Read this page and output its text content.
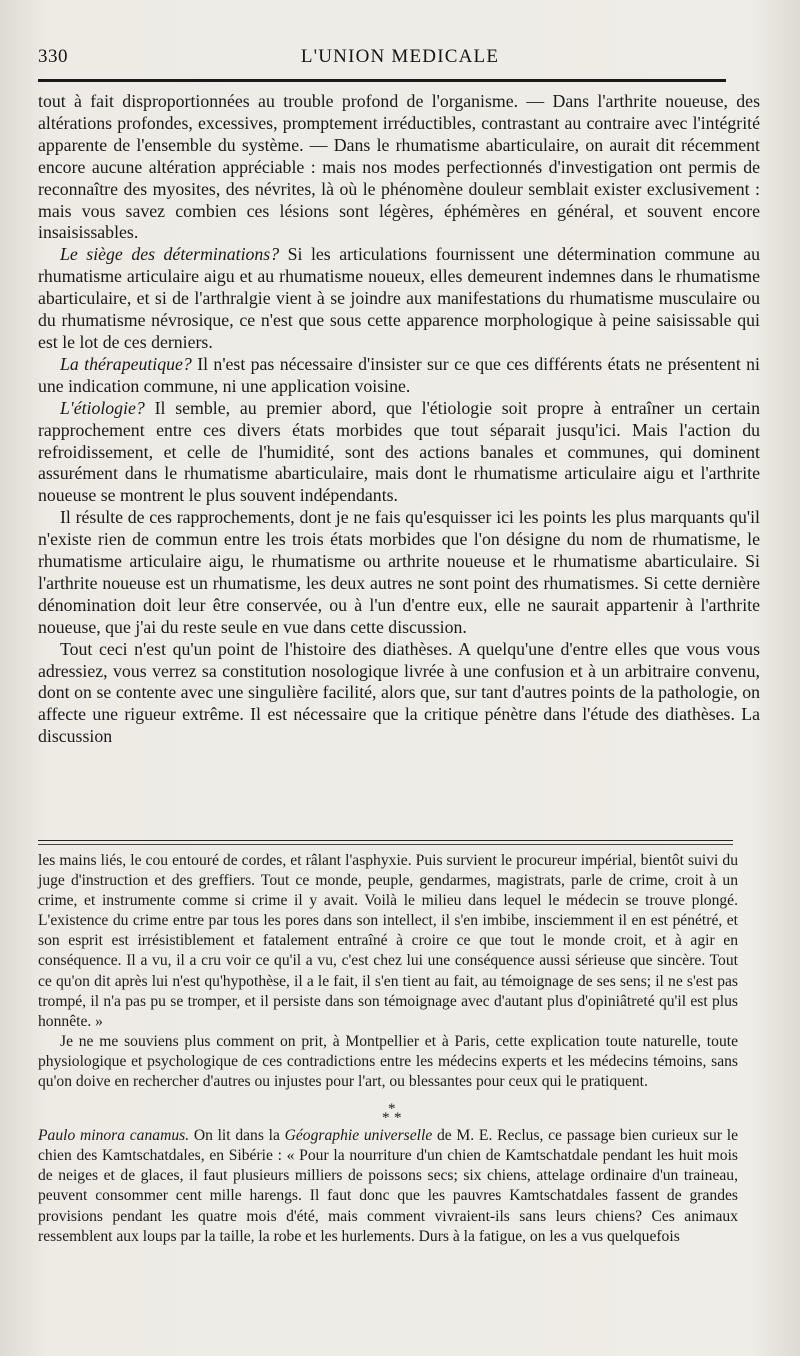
330	L'UNION MEDICALE

tout à fait disproportionnées au trouble profond de l'organisme. — Dans l'arthrite noueuse, des altérations profondes, excessives, promptement irréductibles, contrastant au contraire avec l'intégrité apparente de l'ensemble du système. — Dans le rhumatisme abarticulaire, on aurait dit récemment encore aucune altération appréciable : mais nos modes perfectionnés d'investigation ont permis de reconnaître des myosites, des névrites, là où le phénomène douleur semblait exister exclusivement : mais vous savez combien ces lésions sont légères, éphémères en général, et souvent encore insaisissables.

Le siège des déterminations? Si les articulations fournissent une détermination commune au rhumatisme articulaire aigu et au rhumatisme noueux, elles demeurent indemnes dans le rhumatisme abarticulaire, et si de l'arthralgie vient à se joindre aux manifestations du rhumatisme musculaire ou du rhumatisme névrosique, ce n'est que sous cette apparence morphologique à peine saisissable qui est le lot de ces derniers.

La thérapeutique? Il n'est pas nécessaire d'insister sur ce que ces différents états ne présentent ni une indication commune, ni une application voisine.

L'étiologie? Il semble, au premier abord, que l'étiologie soit propre à entraîner un certain rapprochement entre ces divers états morbides que tout séparait jusqu'ici. Mais l'action du refroidissement, et celle de l'humidité, sont des actions banales et communes, qui dominent assurément dans le rhumatisme abarticulaire, mais dont le rhumatisme articulaire aigu et l'arthrite noueuse se montrent le plus souvent indépendants.

Il résulte de ces rapprochements, dont je ne fais qu'esquisser ici les points les plus marquants qu'il n'existe rien de commun entre les trois états morbides que l'on désigne du nom de rhumatisme, le rhumatisme articulaire aigu, le rhumatisme ou arthrite noueuse et le rhumatisme abarticulaire. Si l'arthrite noueuse est un rhumatisme, les deux autres ne sont point des rhumatismes. Si cette dernière dénomination doit leur être conservée, ou à l'un d'entre eux, elle ne saurait appartenir à l'arthrite noueuse, que j'ai du reste seule en vue dans cette discussion.

Tout ceci n'est qu'un point de l'histoire des diathèses. A quelqu'une d'entre elles que vous vous adressiez, vous verrez sa constitution nosologique livrée à une confusion et à un arbitraire convenu, dont on se contente avec une singulière facilité, alors que, sur tant d'autres points de la pathologie, on affecte une rigueur extrême. Il est nécessaire que la critique pénètre dans l'étude des diathèses. La discussion

les mains liés, le cou entouré de cordes, et râlant l'asphyxie. Puis survient le procureur impérial, bientôt suivi du juge d'instruction et des greffiers. Tout ce monde, peuple, gendarmes, magistrats, parle de crime, croit à un crime, et instrumente comme si crime il y avait. Voilà le milieu dans lequel le médecin se trouve plongé. L'existence du crime entre par tous les pores dans son intellect, il s'en imbibe, insciemment il en est pénétré, et son esprit est irrésistiblement et fatalement entraîné à croire ce que tout le monde croit, et à agir en conséquence. Il a vu, il a cru voir ce qu'il a vu, c'est chez lui une conséquence aussi sérieuse que sincère. Tout ce qu'on dit après lui n'est qu'hypothèse, il a le fait, il s'en tient au fait, au témoignage de ses sens; il ne s'est pas trompé, il n'a pas pu se tromper, et il persiste dans son témoignage avec d'autant plus d'opiniâtreté qu'il est plus honnête. »

Je ne me souviens plus comment on prit, à Montpellier et à Paris, cette explication toute naturelle, toute physiologique et psychologique de ces contradictions entre les médecins experts et les médecins témoins, sans qu'on doive en rechercher d'autres ou injustes pour l'art, ou blessantes pour ceux qui le pratiquent.

*
* *

Paulo minora canamus. On lit dans la Géographie universelle de M. E. Reclus, ce passage bien curieux sur le chien des Kamtschatdales, en Sibérie : « Pour la nourriture d'un chien de Kamtschatdale pendant les huit mois de neiges et de glaces, il faut plusieurs milliers de poissons secs; six chiens, attelage ordinaire d'un traineau, peuvent consommer cent mille harengs. Il faut donc que les pauvres Kamtschatdales fassent de grandes provisions pendant les quatre mois d'été, mais comment vivraient-ils sans leurs chiens? Ces animaux ressemblent aux loups par la taille, la robe et les hurlements. Durs à la fatigue, on les a vus quelquefois
